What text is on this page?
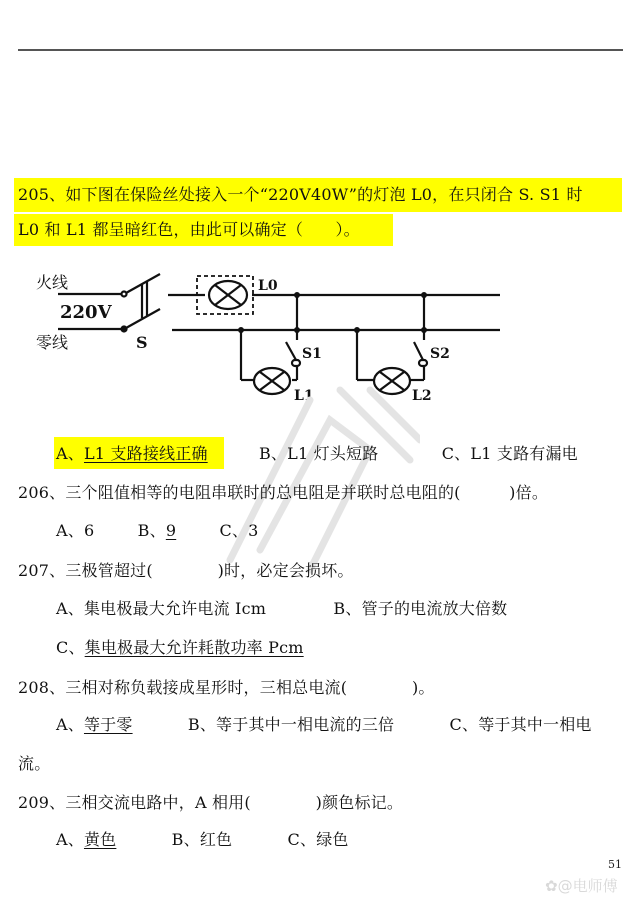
205、如下图在保险丝处接入一个“220V40W”的灯泡 L0，在只闭合 S. S1 时
L0 和 L1 都呈暗红色，由此可以确定（　　）。
火线
零线
220V
S
L0
S1	S2
L1	L2
A、L1 支路接线正确	B、L1 灯头短路	C、L1 支路有漏电
206、三个阻值相等的电阻串联时的总电阻是并联时总电阻的(　　　)倍。
A、6	B、9	C、3
207、三极管超过(　　　　)时，必定会损坏。
A、集电极最大允许电流 Icm	B、管子的电流放大倍数
C、集电极最大允许耗散功率 Pcm
208、三相对称负载接成星形时，三相总电流(　　　　)。
A、等于零	B、等于其中一相电流的三倍	C、等于其中一相电
流。
209、三相交流电路中，A 相用(　　　　)颜色标记。
A、黄色	B、红色	C、绿色
51
✿@电师傅
